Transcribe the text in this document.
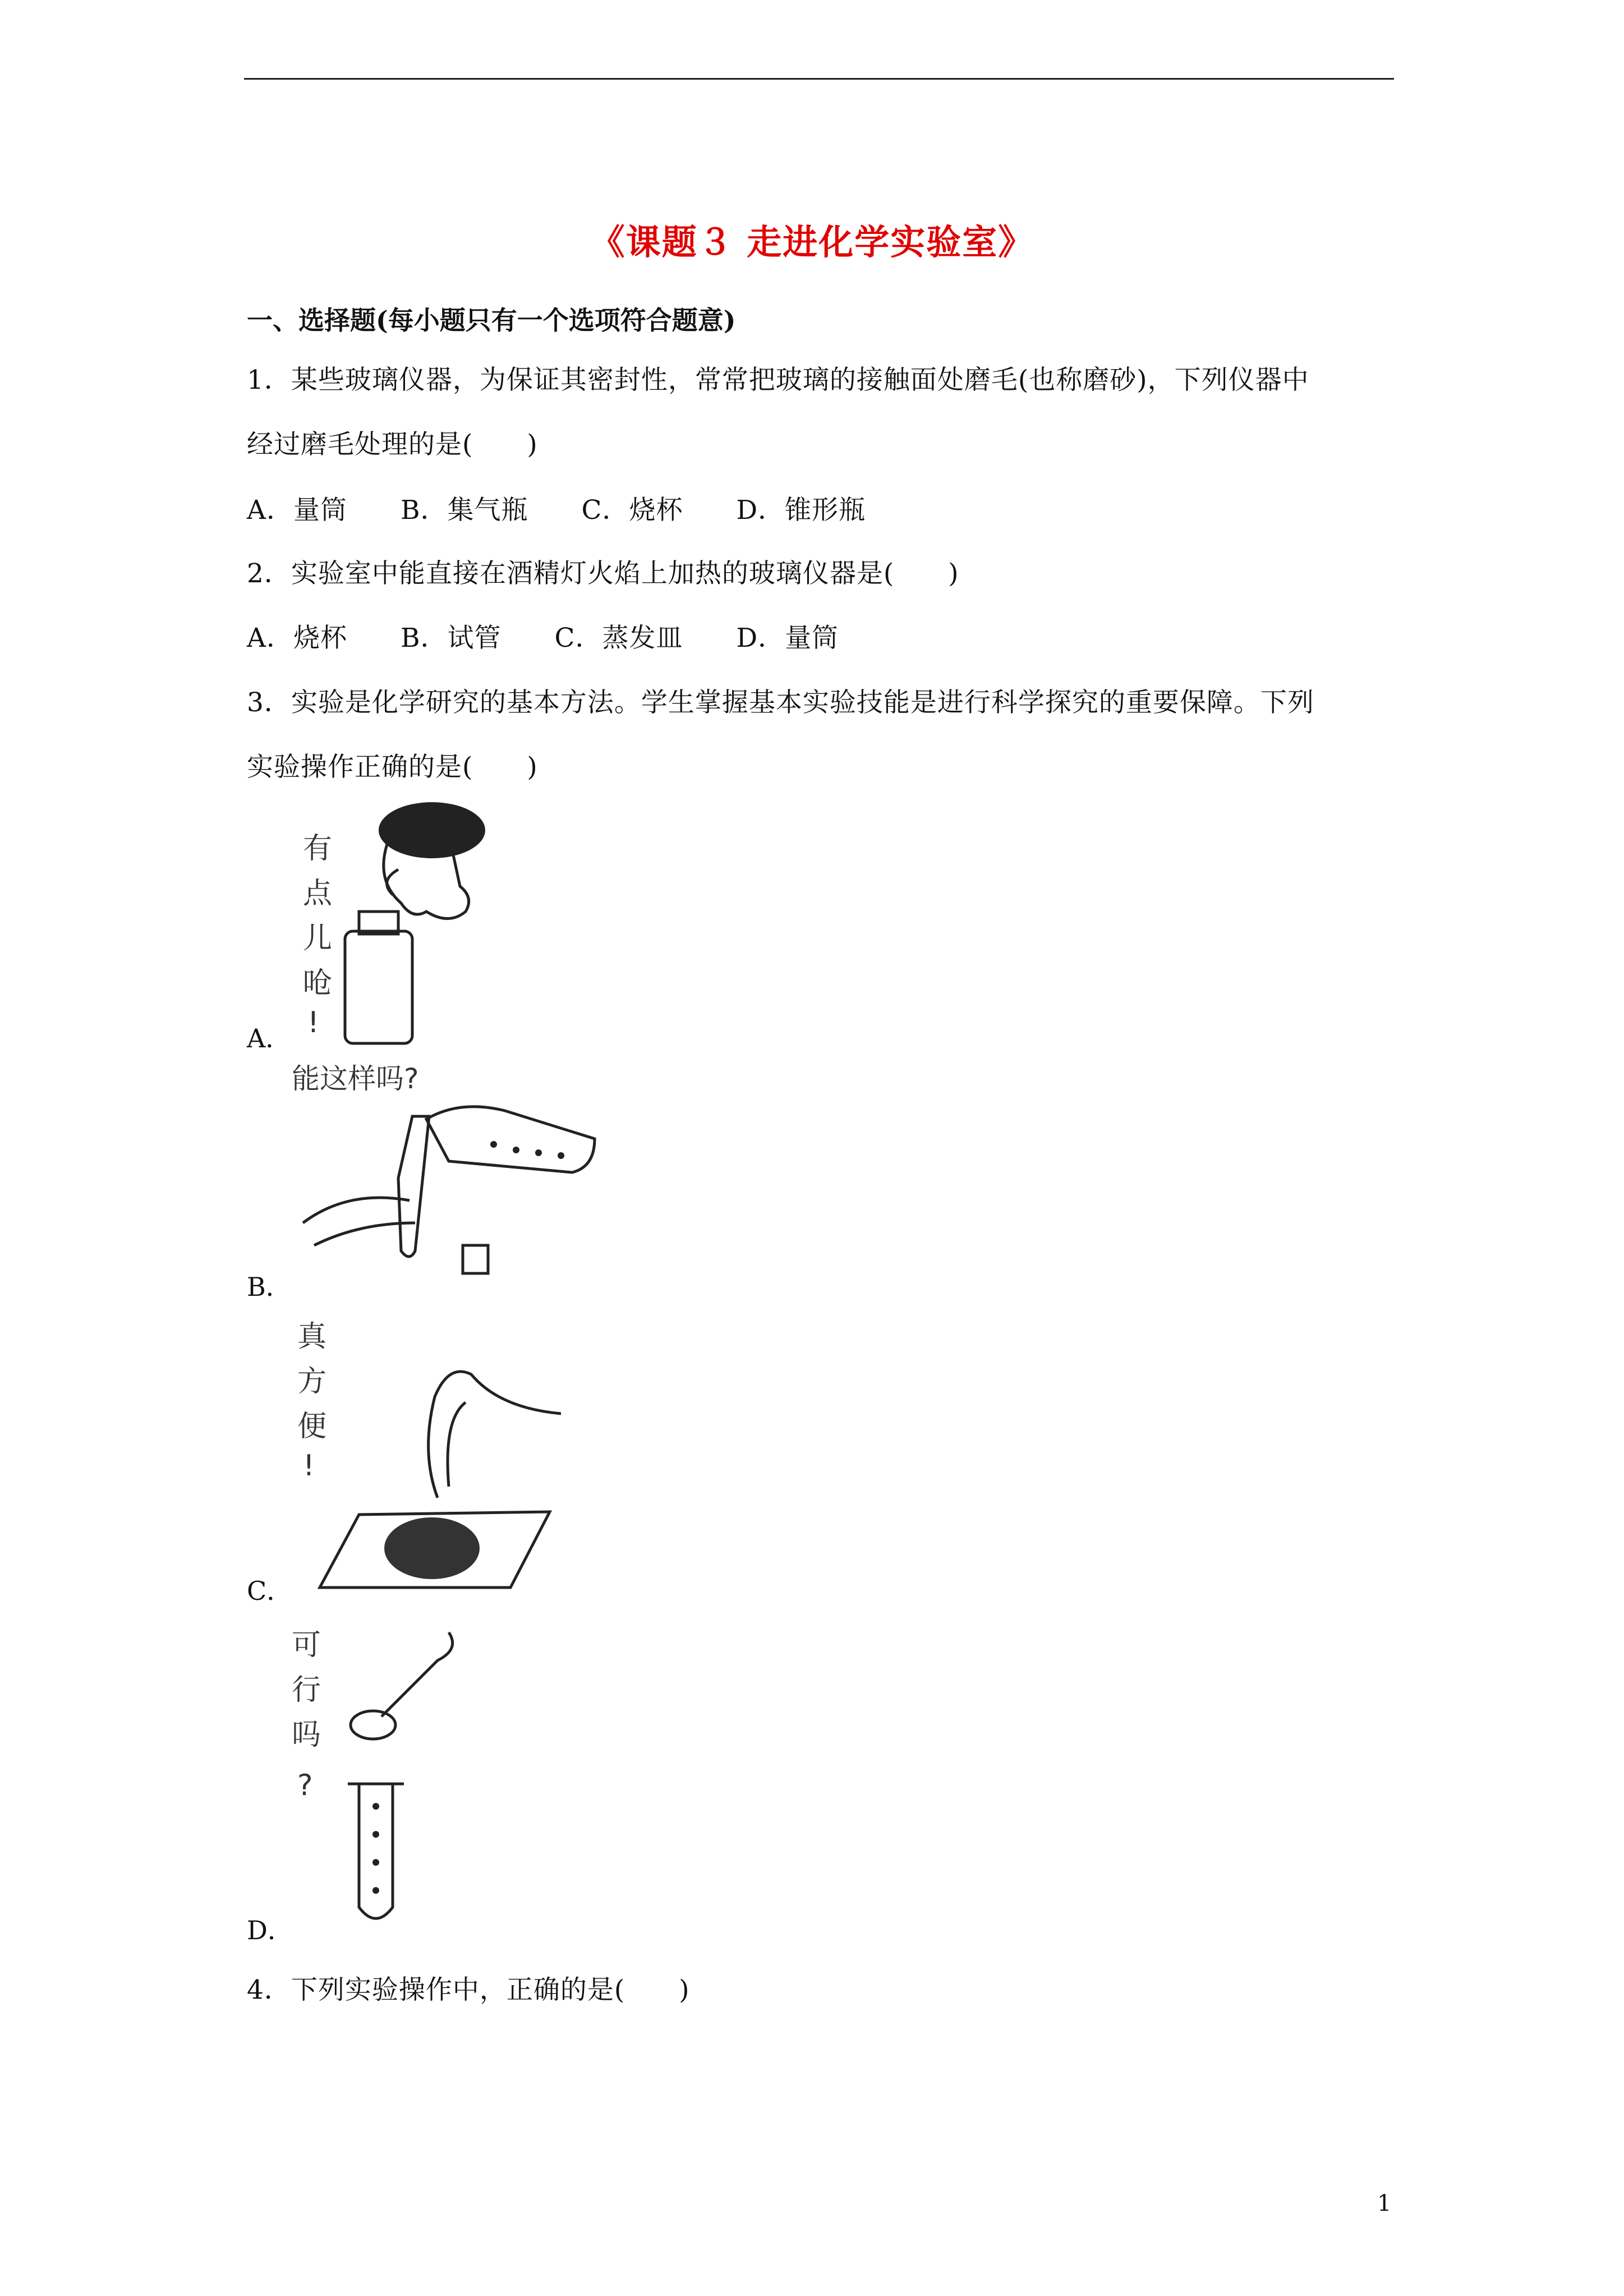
《课题３ 走进化学实验室》
一、选择题(每小题只有一个选项符合题意)
1．某些玻璃仪器，为保证其密封性，常常把玻璃的接触面处磨毛(也称磨砂)，下列仪器中
经过磨毛处理的是(　　)
A．量筒 B．集气瓶 C．烧杯 D．锥形瓶
2．实验室中能直接在酒精灯火焰上加热的玻璃仪器是(　　)
A．烧杯 B．试管 C．蒸发皿 D．量筒
3．实验是化学研究的基本方法。学生掌握基本实验技能是进行科学探究的重要保障。下列
实验操作正确的是(　　)
A．
有
点
儿
呛
!
B．
能这样吗?
C．
真
方
便
!
D．
可
行
吗
?
4．下列实验操作中，正确的是(　　)
1
